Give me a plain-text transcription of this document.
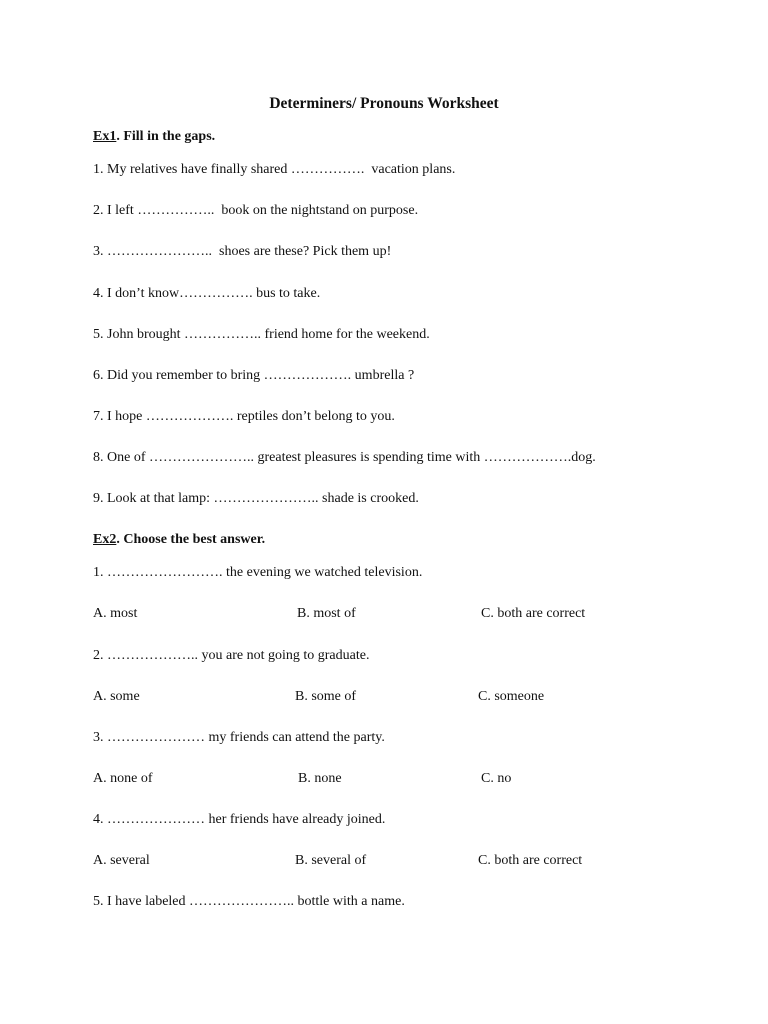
Determiners/ Pronouns Worksheet
Ex1. Fill in the gaps.
1. My relatives have finally shared …………….  vacation plans.
2. I left ……………..  book on the nightstand on purpose.
3. …………………..  shoes are these? Pick them up!
4. I don’t know……………. bus to take.
5. John brought …………….. friend home for the weekend.
6. Did you remember to bring ………………. umbrella ?
7. I hope ………………. reptiles don’t belong to you.
8. One of ………………….. greatest pleasures is spending time with ……………….dog.
9. Look at that lamp: ………………….. shade is crooked.
Ex2. Choose the best answer.
1. ……………………. the evening we watched television.
A. most	B. most of	C. both are correct
2. ……………….. you are not going to graduate.
A. some	B. some of	C. someone
3. ………………… my friends can attend the party.
A. none of	B. none	C. no
4. ………………… her friends have already joined.
A. several	B. several of	C. both are correct
5. I have labeled ………………….. bottle with a name.
